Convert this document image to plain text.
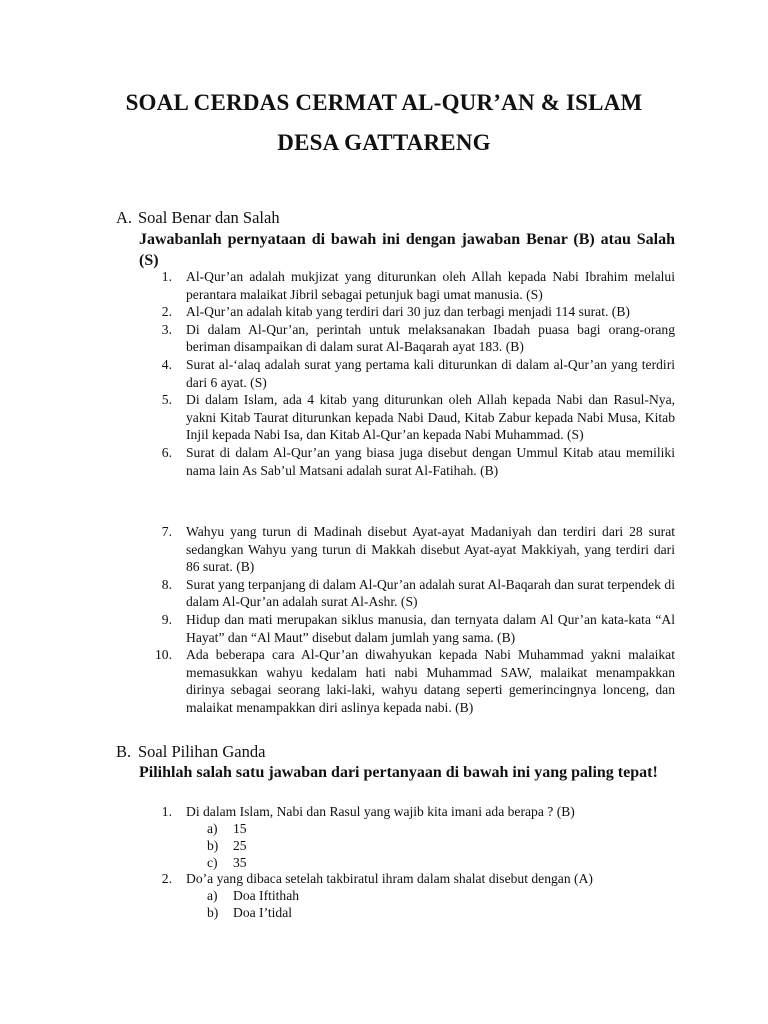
SOAL CERDAS CERMAT AL-QUR’AN & ISLAM
DESA GATTARENG
A. Soal Benar dan Salah
Jawabanlah pernyataan di bawah ini dengan jawaban Benar (B) atau Salah (S)
1. Al-Qur’an adalah mukjizat yang diturunkan oleh Allah kepada Nabi Ibrahim melalui perantara malaikat Jibril sebagai petunjuk bagi umat manusia. (S)
2. Al-Qur’an adalah kitab yang terdiri dari 30 juz dan terbagi menjadi 114 surat. (B)
3. Di dalam Al-Qur’an, perintah untuk melaksanakan Ibadah puasa bagi orang-orang beriman disampaikan di dalam surat Al-Baqarah ayat 183. (B)
4. Surat al-‘alaq adalah surat yang pertama kali diturunkan di dalam al-Qur’an yang terdiri dari 6 ayat. (S)
5. Di dalam Islam, ada 4 kitab yang diturunkan oleh Allah kepada Nabi dan Rasul-Nya, yakni Kitab Taurat diturunkan kepada Nabi Daud, Kitab Zabur kepada Nabi Musa, Kitab Injil kepada Nabi Isa, dan Kitab Al-Qur’an kepada Nabi Muhammad. (S)
6. Surat di dalam Al-Qur’an yang biasa juga disebut dengan Ummul Kitab atau memiliki nama lain As Sab’ul Matsani adalah surat Al-Fatihah. (B)
7. Wahyu yang turun di Madinah disebut Ayat-ayat Madaniyah dan terdiri dari 28 surat sedangkan Wahyu yang turun di Makkah disebut Ayat-ayat Makkiyah, yang terdiri dari 86 surat. (B)
8. Surat yang terpanjang di dalam Al-Qur’an adalah surat Al-Baqarah dan surat terpendek di dalam Al-Qur’an adalah surat Al-Ashr. (S)
9. Hidup dan mati merupakan siklus manusia, dan ternyata dalam Al Qur’an kata-kata “Al Hayat” dan “Al Maut” disebut dalam jumlah yang sama. (B)
10. Ada beberapa cara Al-Qur’an diwahyukan kepada Nabi Muhammad yakni malaikat memasukkan wahyu kedalam hati nabi Muhammad SAW, malaikat menampakkan dirinya sebagai seorang laki-laki, wahyu datang seperti gemerincingnya lonceng, dan malaikat menampakkan diri aslinya kepada nabi. (B)
B. Soal Pilihan Ganda
Pilihlah salah satu jawaban dari pertanyaan di bawah ini yang paling tepat!
1. Di dalam Islam, Nabi dan Rasul yang wajib kita imani ada berapa ? (B)
a) 15
b) 25
c) 35
2. Do’a yang dibaca setelah takbiratul ihram dalam shalat disebut dengan (A)
a) Doa Iftithah
b) Doa I’tidal
